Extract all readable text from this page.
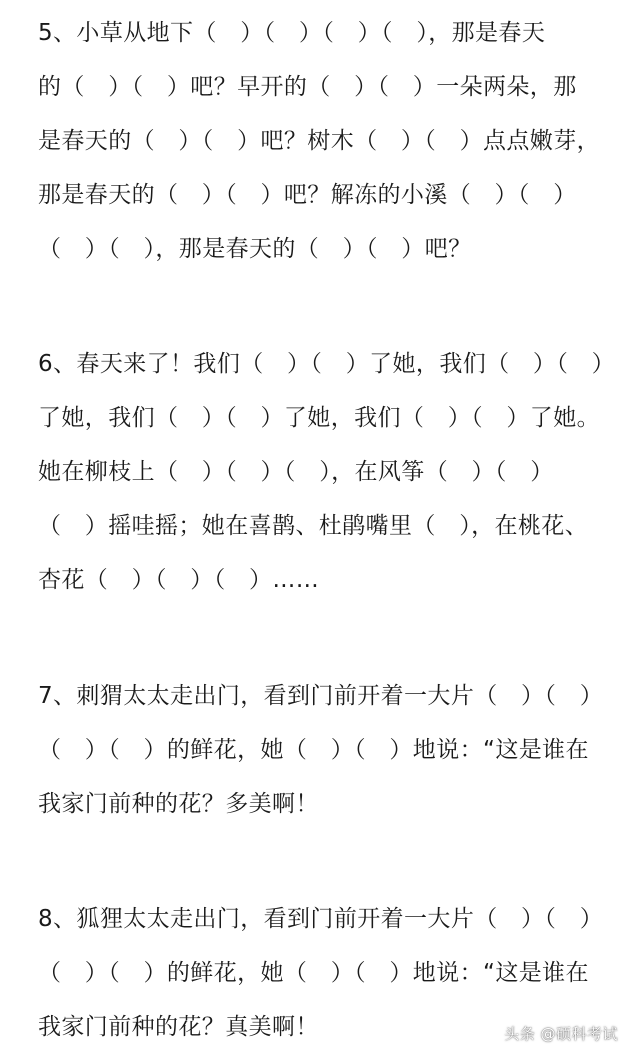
5、小草从地下（　）（　）（　）（　），那是春天
的（　）（　）吧？早开的（　）（　）一朵两朵，那
是春天的（　）（　）吧？树木（　）（　）点点嫩芽，
那是春天的（　）（　）吧？解冻的小溪（　）（　）
（　）（　），那是春天的（　）（　）吧？
6、春天来了！我们（　）（　）了她，我们（　）（　）
了她，我们（　）（　）了她，我们（　）（　）了她。
她在柳枝上（　）（　）（　），在风筝（　）（　）
（　）摇哇摇；她在喜鹊、杜鹃嘴里（　），在桃花、
杏花（　）（　）（　）……
7、刺猬太太走出门，看到门前开着一大片（　）（　）
（　）（　）的鲜花，她（　）（　）地说：“这是谁在
我家门前种的花？多美啊！
8、狐狸太太走出门，看到门前开着一大片（　）（　）
（　）（　）的鲜花，她（　）（　）地说：“这是谁在
我家门前种的花？真美啊！	头条 @硕科考试
